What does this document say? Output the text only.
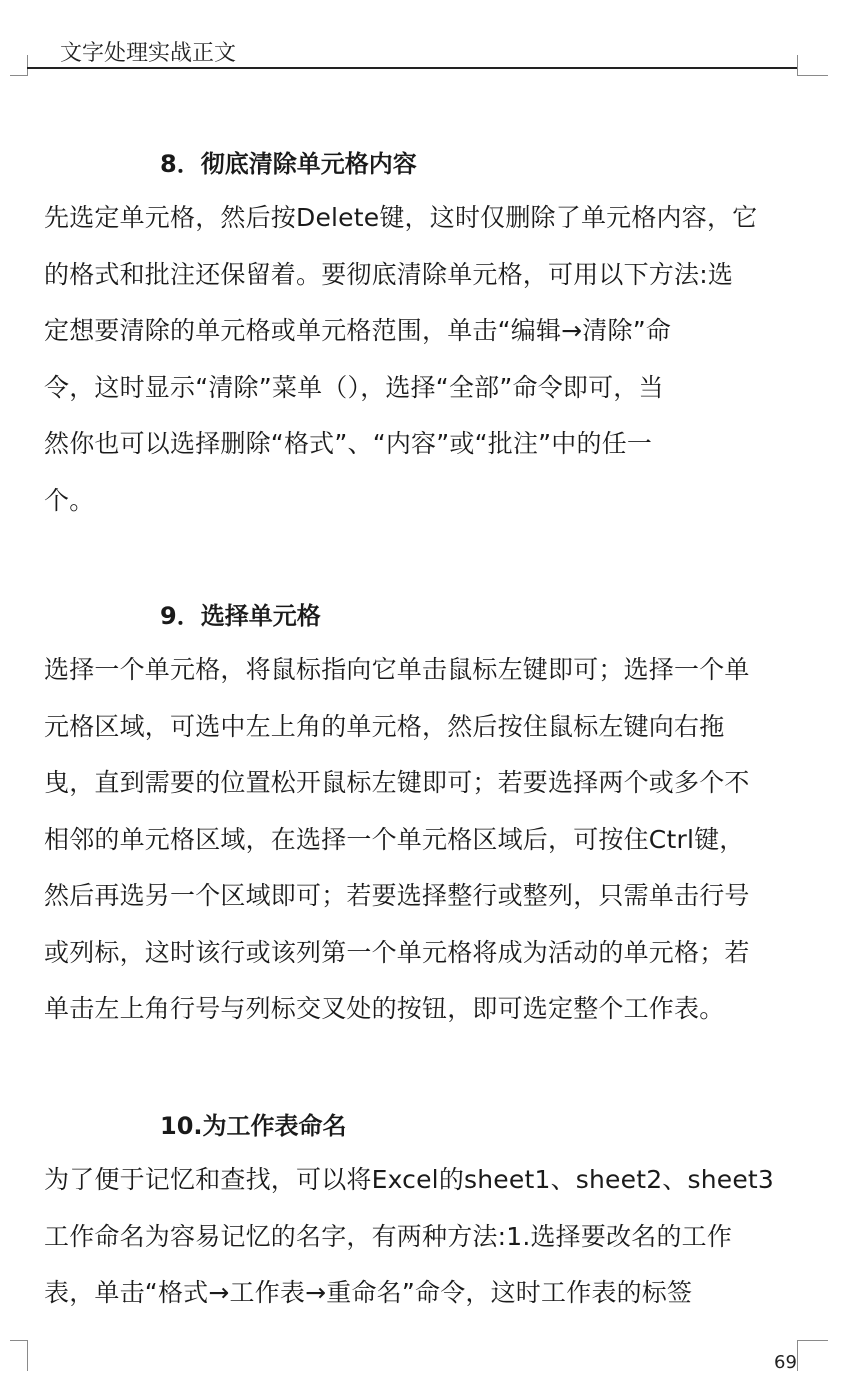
文字处理实战正文
8．彻底清除单元格内容
先选定单元格，然后按Delete键，这时仅删除了单元格内容，它
的格式和批注还保留着。要彻底清除单元格，可用以下方法:选
定想要清除的单元格或单元格范围，单击“编辑→清除”命
令，这时显示“清除”菜单（），选择“全部”命令即可，当
然你也可以选择删除“格式”、“内容”或“批注”中的任一
个。
9．选择单元格
选择一个单元格，将鼠标指向它单击鼠标左键即可；选择一个单
元格区域，可选中左上角的单元格，然后按住鼠标左键向右拖
曳，直到需要的位置松开鼠标左键即可；若要选择两个或多个不
相邻的单元格区域，在选择一个单元格区域后，可按住Ctrl键，
然后再选另一个区域即可；若要选择整行或整列，只需单击行号
或列标，这时该行或该列第一个单元格将成为活动的单元格；若
单击左上角行号与列标交叉处的按钮，即可选定整个工作表。
10.为工作表命名
为了便于记忆和查找，可以将Excel的sheet1、sheet2、sheet3
工作命名为容易记忆的名字，有两种方法:1.选择要改名的工作
表，单击“格式→工作表→重命名”命令，这时工作表的标签
69
